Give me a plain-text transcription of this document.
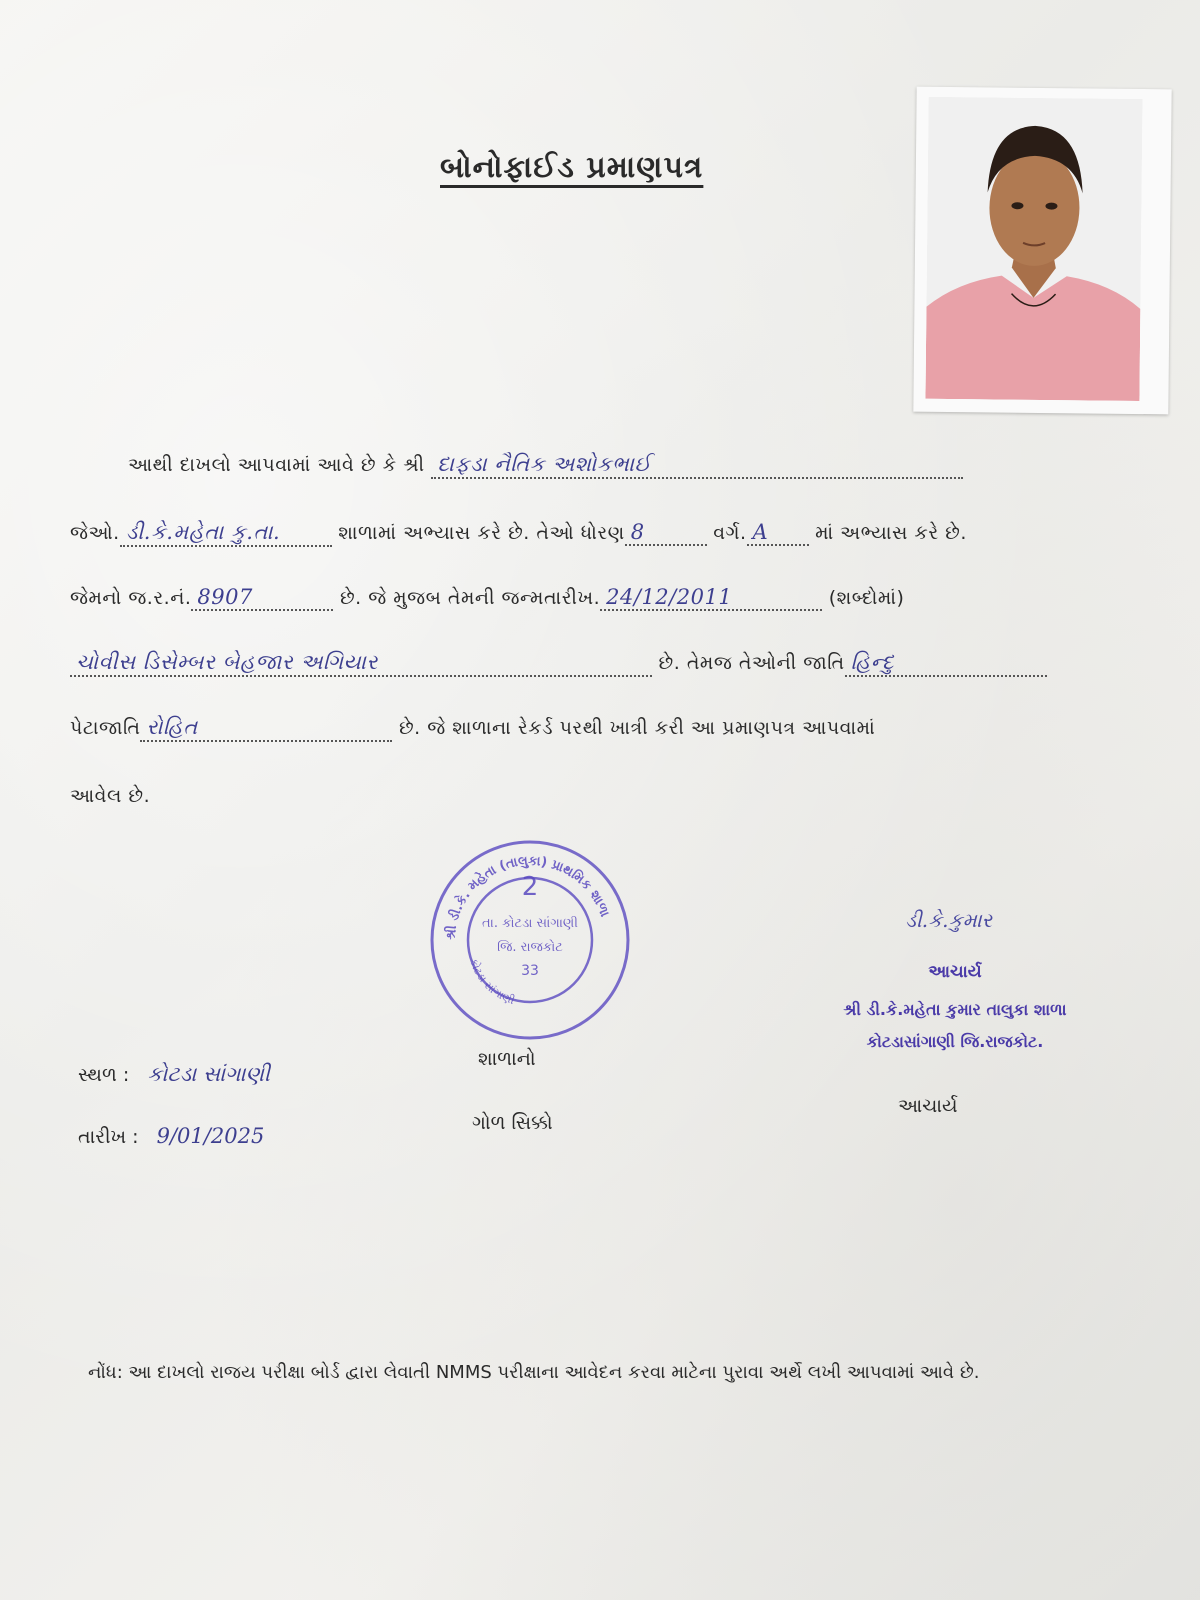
બોનોફાઈડ પ્રમાણપત્ર
આથી દાખલો આપવામાં આવે છે કે શ્રી દાફડા નૈતિક અશોકભાઈ
જેઓ. ડી.કે.મહેતા કુ.તા.	શાળામાં અભ્યાસ કરે છે. તેઓ ધોરણ 8	વર્ગ. A માં અભ્યાસ કરે છે.
જેમનો જ.ર.નં. 8907	છે. જે મુજબ તેમની જન્મતારીખ. 24/12/2011	(શબ્દોમાં)
ચોવીસ ડિસેમ્બર બેહજાર અગિયાર	છે. તેમજ તેઓની જાતિ હિન્દુ
પેટાજાતિ રોહિત	છે. જે શાળાના રેકર્ડ પરથી ખાત્રી કરી આ પ્રમાણપત્ર આપવામાં
આવેલ છે.
શ્રી ડી.કે. મહેતા (તાલુકા) પ્રાથમિક શાળા
2
તા. કોટડા સાંગાણી
જિ. રાજકોટ
33
કોટડા સાંગાણી
શાળાનો
ગોળ સિક્કો
ડી.કે.કુમાર
આચાર્ય
શ્રી ડી.કે.મહેતા કુમાર તાલુકા શાળા
કોટડાસાંગાણી જિ.રાજકોટ.
આચાર્ય
સ્થળ : કોટડા સાંગાણી
તારીખ : 9/01/2025
નોંધ: આ દાખલો રાજય પરીક્ષા બોર્ડ દ્વારા લેવાતી NMMS પરીક્ષાના આવેદન કરવા માટેના પુરાવા અર્થે લખી આપવામાં આવે છે.
